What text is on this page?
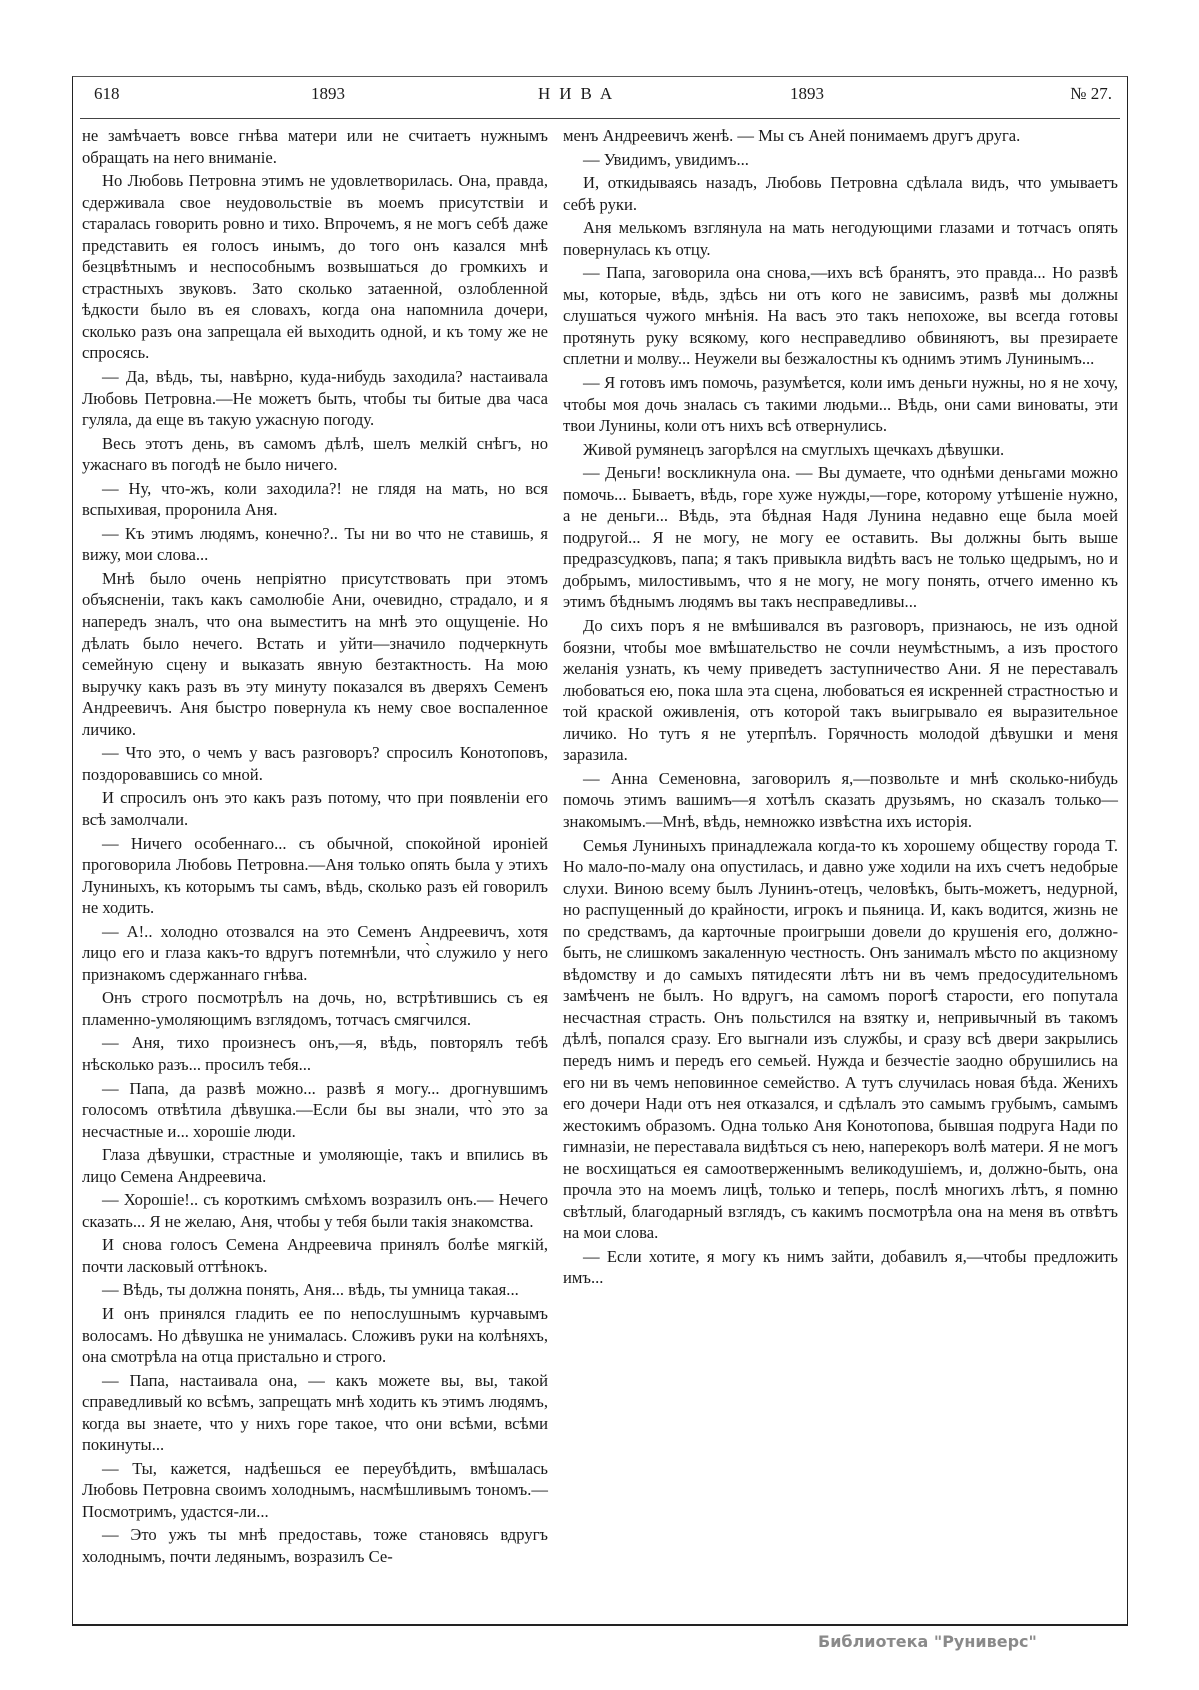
618	1893	НИВА	1893	№ 27.

не замѣчаетъ вовсе гнѣва матери или не считаетъ нужнымъ обращать на него вниманіе.

Но Любовь Петровна этимъ не удовлетворилась. Она, правда, сдерживала свое неудовольствіе въ моемъ присутствіи и старалась говорить ровно и тихо. Впрочемъ, я не могъ себѣ даже представить ея голосъ инымъ, до того онъ казался мнѣ безцвѣтнымъ и неспособнымъ возвышаться до громкихъ и страстныхъ звуковъ. Зато сколько затаенной, озлобленной ѣдкости было въ ея словахъ, когда она напомнила дочери, сколько разъ она запрещала ей выходить одной, и къ тому же не спросясь.

— Да, вѣдь, ты, навѣрно, куда-нибудь заходила? настаивала Любовь Петровна.—Не можетъ быть, чтобы ты битые два часа гуляла, да еще въ такую ужасную погоду.

Весь этотъ день, въ самомъ дѣлѣ, шелъ мелкій снѣгъ, но ужаснаго въ погодѣ не было ничего.

— Ну, что-жъ, коли заходила?! не глядя на мать, но вся вспыхивая, проронила Аня.

— Къ этимъ людямъ, конечно?.. Ты ни во что не ставишь, я вижу, мои слова...

Мнѣ было очень непріятно присутствовать при этомъ объясненіи, такъ какъ самолюбіе Ани, очевидно, страдало, и я напередъ зналъ, что она выместитъ на мнѣ это ощущеніе. Но дѣлать было нечего. Встать и уйти—значило подчеркнуть семейную сцену и выказать явную безтактность. На мою выручку какъ разъ въ эту минуту показался въ дверяхъ Семенъ Андреевичъ. Аня быстро повернула къ нему свое воспаленное личико.

— Что это, о чемъ у васъ разговоръ? спросилъ Конотоповъ, поздоровавшись со мной.

И спросилъ онъ это какъ разъ потому, что при появленіи его всѣ замолчали.

— Ничего особеннаго... съ обычной, спокойной ироніей проговорила Любовь Петровна.—Аня только опять была у этихъ Луниныхъ, къ которымъ ты самъ, вѣдь, сколько разъ ей говорилъ не ходить.

— А!.. холодно отозвался на это Семенъ Андреевичъ, хотя лицо его и глаза какъ-то вдругъ потемнѣли, что̀ служило у него признакомъ сдержаннаго гнѣва.

Онъ строго посмотрѣлъ на дочь, но, встрѣтившись съ ея пламенно-умоляющимъ взглядомъ, тотчасъ смягчился.

— Аня, тихо произнесъ онъ,—я, вѣдь, повторялъ тебѣ нѣсколько разъ... просилъ тебя...

— Папа, да развѣ можно... развѣ я могу... дрогнувшимъ голосомъ отвѣтила дѣвушка.—Если бы вы знали, что̀ это за несчастные и... хорошіе люди.

Глаза дѣвушки, страстные и умоляющіе, такъ и впились въ лицо Семена Андреевича.

— Хорошіе!.. съ короткимъ смѣхомъ возразилъ онъ.— Нечего сказать... Я не желаю, Аня, чтобы у тебя были такія знакомства.

И снова голосъ Семена Андреевича принялъ болѣе мягкій, почти ласковый оттѣнокъ.

— Вѣдь, ты должна понять, Аня... вѣдь, ты умница такая...

И онъ принялся гладить ее по непослушнымъ курчавымъ волосамъ. Но дѣвушка не унималась. Сложивъ руки на колѣняхъ, она смотрѣла на отца пристально и строго.

— Папа, настаивала она, — какъ можете вы, вы, такой справедливый ко всѣмъ, запрещать мнѣ ходить къ этимъ людямъ, когда вы знаете, что у нихъ горе такое, что они всѣми, всѣми покинуты...

— Ты, кажется, надѣешься ее переубѣдить, вмѣшалась Любовь Петровна своимъ холоднымъ, насмѣшливымъ тономъ.—Посмотримъ, удастся-ли...

— Это ужъ ты мнѣ предоставь, тоже становясь вдругъ холоднымъ, почти ледянымъ, возразилъ Се-

менъ Андреевичъ женѣ. — Мы съ Аней понимаемъ другъ друга.

— Увидимъ, увидимъ...

И, откидываясь назадъ, Любовь Петровна сдѣлала видъ, что умываетъ себѣ руки.

Аня мелькомъ взглянула на мать негодующими глазами и тотчасъ опять повернулась къ отцу.

— Папа, заговорила она снова,—ихъ всѣ бранятъ, это правда... Но развѣ мы, которые, вѣдь, здѣсь ни отъ кого не зависимъ, развѣ мы должны слушаться чужого мнѣнія. На васъ это такъ непохоже, вы всегда готовы протянуть руку всякому, кого несправедливо обвиняютъ, вы презираете сплетни и молву... Неужели вы безжалостны къ однимъ этимъ Лунинымъ...

— Я готовъ имъ помочь, разумѣется, коли имъ деньги нужны, но я не хочу, чтобы моя дочь зналась съ такими людьми... Вѣдь, они сами виноваты, эти твои Лунины, коли отъ нихъ всѣ отвернулись.

Живой румянецъ загорѣлся на смуглыхъ щечкахъ дѣвушки.

— Деньги! воскликнула она. — Вы думаете, что однѣми деньгами можно помочь... Бываетъ, вѣдь, горе хуже нужды,—горе, которому утѣшеніе нужно, а не деньги... Вѣдь, эта бѣдная Надя Лунина недавно еще была моей подругой... Я не могу, не могу ее оставить. Вы должны быть выше предразсудковъ, папа; я такъ привыкла видѣть васъ не только щедрымъ, но и добрымъ, милостивымъ, что я не могу, не могу понять, отчего именно къ этимъ бѣднымъ людямъ вы такъ несправедливы...

До сихъ поръ я не вмѣшивался въ разговоръ, признаюсь, не изъ одной боязни, чтобы мое вмѣшательство не сочли неумѣстнымъ, а изъ простого желанія узнать, къ чему приведетъ заступничество Ани. Я не переставалъ любоваться ею, пока шла эта сцена, любоваться ея искренней страстностью и той краской оживленія, отъ которой такъ выигрывало ея выразительное личико. Но тутъ я не утерпѣлъ. Горячность молодой дѣвушки и меня заразила.

— Анна Семеновна, заговорилъ я,—позвольте и мнѣ сколько-нибудь помочь этимъ вашимъ—я хотѣлъ сказать друзьямъ, но сказалъ только—знакомымъ.—Мнѣ, вѣдь, немножко извѣстна ихъ исторія.

Семья Луниныхъ принадлежала когда-то къ хорошему обществу города Т. Но мало-по-малу она опустилась, и давно уже ходили на ихъ счетъ недобрые слухи. Виною всему былъ Лунинъ-отецъ, человѣкъ, быть-можетъ, недурной, но распущенный до крайности, игрокъ и пьяница. И, какъ водится, жизнь не по средствамъ, да карточные проигрыши довели до крушенія его, должно-быть, не слишкомъ закаленную честность. Онъ занималъ мѣсто по акцизному вѣдомству и до самыхъ пятидесяти лѣтъ ни въ чемъ предосудительномъ замѣченъ не былъ. Но вдругъ, на самомъ порогѣ старости, его попутала несчастная страсть. Онъ польстился на взятку и, непривычный въ такомъ дѣлѣ, попался сразу. Его выгнали изъ службы, и сразу всѣ двери закрылись передъ нимъ и передъ его семьей. Нужда и безчестіе заодно обрушились на его ни въ чемъ неповинное семейство. А тутъ случилась новая бѣда. Женихъ его дочери Нади отъ нея отказался, и сдѣлалъ это самымъ грубымъ, самымъ жестокимъ образомъ. Одна только Аня Конотопова, бывшая подруга Нади по гимназіи, не переставала видѣться съ нею, наперекоръ волѣ матери. Я не могъ не восхищаться ея самоотверженнымъ великодушіемъ, и, должно-быть, она прочла это на моемъ лицѣ, только и теперь, послѣ многихъ лѣтъ, я помню свѣтлый, благодарный взглядъ, съ какимъ посмотрѣла она на меня въ отвѣтъ на мои слова.

— Если хотите, я могу къ нимъ зайти, добавилъ я,—чтобы предложить имъ...

Библиотека "Руниверс"
